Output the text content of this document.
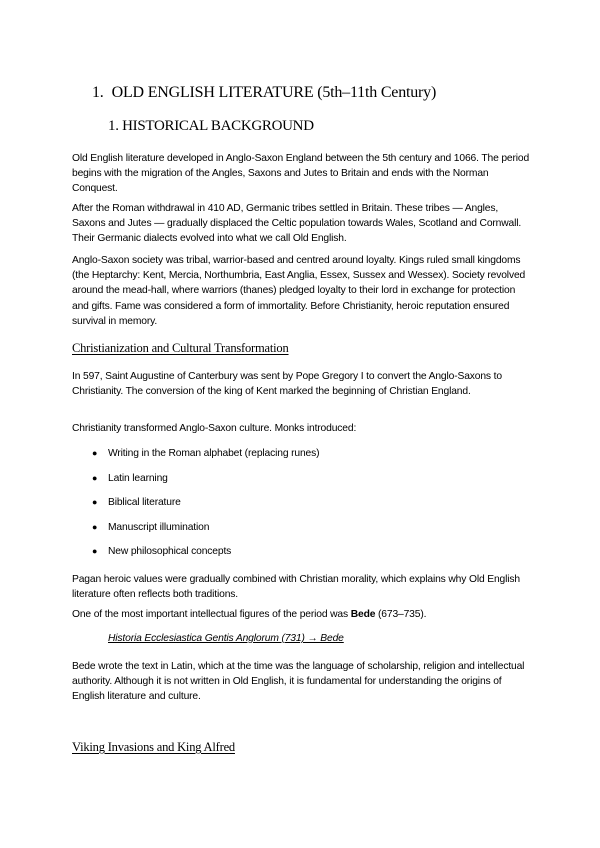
1. OLD ENGLISH LITERATURE (5th–11th Century)
1. HISTORICAL BACKGROUND

Old English literature developed in Anglo-Saxon England between the 5th century and 1066. The period begins with the migration of the Angles, Saxons and Jutes to Britain and ends with the Norman Conquest.

After the Roman withdrawal in 410 AD, Germanic tribes settled in Britain. These tribes — Angles, Saxons and Jutes — gradually displaced the Celtic population towards Wales, Scotland and Cornwall. Their Germanic dialects evolved into what we call Old English.

Anglo-Saxon society was tribal, warrior-based and centred around loyalty. Kings ruled small kingdoms (the Heptarchy: Kent, Mercia, Northumbria, East Anglia, Essex, Sussex and Wessex). Society revolved around the mead-hall, where warriors (thanes) pledged loyalty to their lord in exchange for protection and gifts. Fame was considered a form of immortality. Before Christianity, heroic reputation ensured survival in memory.

Christianization and Cultural Transformation

In 597, Saint Augustine of Canterbury was sent by Pope Gregory I to convert the Anglo-Saxons to Christianity. The conversion of the king of Kent marked the beginning of Christian England.

Christianity transformed Anglo-Saxon culture. Monks introduced:

● Writing in the Roman alphabet (replacing runes)
● Latin learning
● Biblical literature
● Manuscript illumination
● New philosophical concepts

Pagan heroic values were gradually combined with Christian morality, which explains why Old English literature often reflects both traditions.

One of the most important intellectual figures of the period was Bede (673–735).

Historia Ecclesiastica Gentis Anglorum (731) → Bede

Bede wrote the text in Latin, which at the time was the language of scholarship, religion and intellectual authority. Although it is not written in Old English, it is fundamental for understanding the origins of English literature and culture.

Viking Invasions and King Alfred
